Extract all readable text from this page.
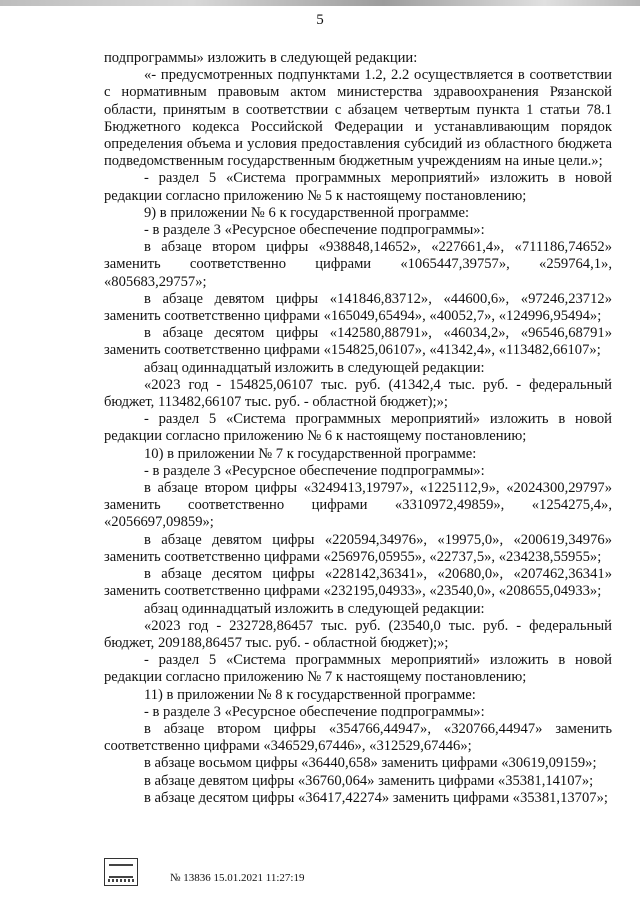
5

подпрограммы» изложить в следующей редакции:

«- предусмотренных подпунктами 1.2, 2.2 осуществляется в соответствии с нормативным правовым актом министерства здравоохранения Рязанской области, принятым в соответствии с абзацем четвертым пункта 1 статьи 78.1 Бюджетного кодекса Российской Федерации и устанавливающим порядок определения объема и условия предоставления субсидий из областного бюджета подведомственным государственным бюджетным учреждениям на иные цели.»;

- раздел 5 «Система программных мероприятий» изложить в новой редакции согласно приложению № 5 к настоящему постановлению;

9) в приложении № 6 к государственной программе:

- в разделе 3 «Ресурсное обеспечение подпрограммы»:

в абзаце втором цифры «938848,14652», «227661,4», «711186,74652» заменить соответственно цифрами «1065447,39757», «259764,1», «805683,29757»;

в абзаце девятом цифры «141846,83712», «44600,6», «97246,23712» заменить соответственно цифрами «165049,65494», «40052,7», «124996,95494»;

в абзаце десятом цифры «142580,88791», «46034,2», «96546,68791» заменить соответственно цифрами «154825,06107», «41342,4», «113482,66107»;

абзац одиннадцатый изложить в следующей редакции:

«2023 год - 154825,06107 тыс. руб. (41342,4 тыс. руб. - федеральный бюджет, 113482,66107 тыс. руб. - областной бюджет);»;

- раздел 5 «Система программных мероприятий» изложить в новой редакции согласно приложению № 6 к настоящему постановлению;

10) в приложении № 7 к государственной программе:

- в разделе 3 «Ресурсное обеспечение подпрограммы»:

в абзаце втором цифры «3249413,19797», «1225112,9», «2024300,29797» заменить соответственно цифрами «3310972,49859», «1254275,4», «2056697,09859»;

в абзаце девятом цифры «220594,34976», «19975,0», «200619,34976» заменить соответственно цифрами «256976,05955», «22737,5», «234238,55955»;

в абзаце десятом цифры «228142,36341», «20680,0», «207462,36341» заменить соответственно цифрами «232195,04933», «23540,0», «208655,04933»;

абзац одиннадцатый изложить в следующей редакции:

«2023 год - 232728,86457 тыс. руб. (23540,0 тыс. руб. - федеральный бюджет, 209188,86457 тыс. руб. - областной бюджет);»;

- раздел 5 «Система программных мероприятий» изложить в новой редакции согласно приложению № 7 к настоящему постановлению;

11) в приложении № 8 к государственной программе:

- в разделе 3 «Ресурсное обеспечение подпрограммы»:

в абзаце втором цифры «354766,44947», «320766,44947» заменить соответственно цифрами «346529,67446», «312529,67446»;

в абзаце восьмом цифры «36440,658» заменить цифрами «30619,09159»;

в абзаце девятом цифры «36760,064» заменить цифрами «35381,14107»;

в абзаце десятом цифры «36417,42274» заменить цифрами «35381,13707»;

№ 13836 15.01.2021 11:27:19
